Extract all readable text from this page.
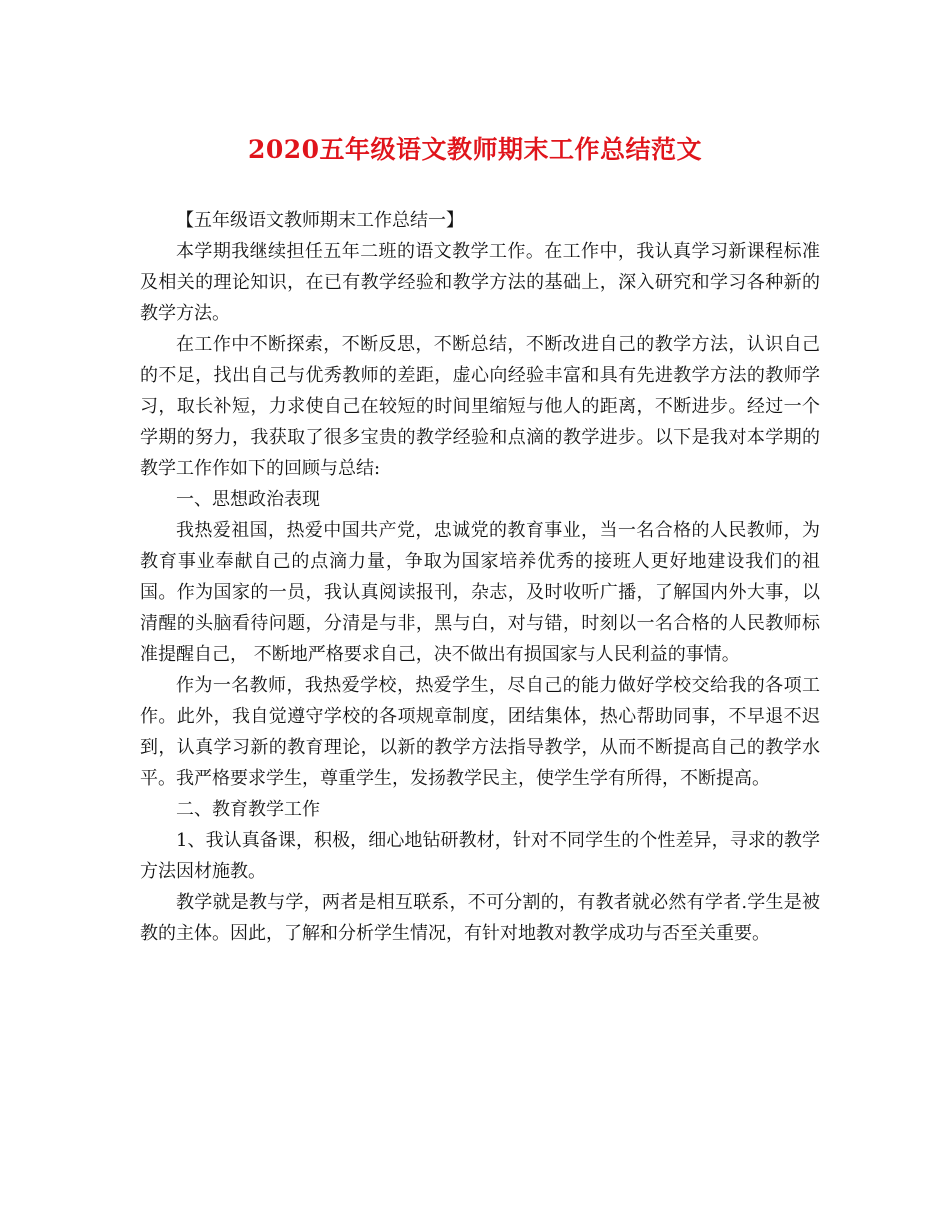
2020五年级语文教师期末工作总结范文

【五年级语文教师期末工作总结一】

本学期我继续担任五年二班的语文教学工作。在工作中，我认真学习新课程标准及相关的理论知识，在已有教学经验和教学方法的基础上，深入研究和学习各种新的教学方法。

在工作中不断探索，不断反思，不断总结，不断改进自己的教学方法，认识自己的不足，找出自己与优秀教师的差距，虚心向经验丰富和具有先进教学方法的教师学习，取长补短，力求使自己在较短的时间里缩短与他人的距离，不断进步。经过一个学期的努力，我获取了很多宝贵的教学经验和点滴的教学进步。以下是我对本学期的教学工作作如下的回顾与总结:

一、思想政治表现

我热爱祖国，热爱中国共产党，忠诚党的教育事业，当一名合格的人民教师，为教育事业奉献自己的点滴力量，争取为国家培养优秀的接班人更好地建设我们的祖国。作为国家的一员，我认真阅读报刊，杂志，及时收听广播，了解国内外大事，以清醒的头脑看待问题，分清是与非，黑与白，对与错，时刻以一名合格的人民教师标准提醒自己， 不断地严格要求自己，决不做出有损国家与人民利益的事情。

作为一名教师，我热爱学校，热爱学生，尽自己的能力做好学校交给我的各项工作。此外，我自觉遵守学校的各项规章制度，团结集体，热心帮助同事，不早退不迟到，认真学习新的教育理论，以新的教学方法指导教学，从而不断提高自己的教学水平。我严格要求学生，尊重学生，发扬教学民主，使学生学有所得，不断提高。

二、教育教学工作

1、我认真备课，积极，细心地钻研教材，针对不同学生的个性差异，寻求的教学方法因材施教。

教学就是教与学，两者是相互联系，不可分割的，有教者就必然有学者.学生是被教的主体。因此，了解和分析学生情况，有针对地教对教学成功与否至关重要。
